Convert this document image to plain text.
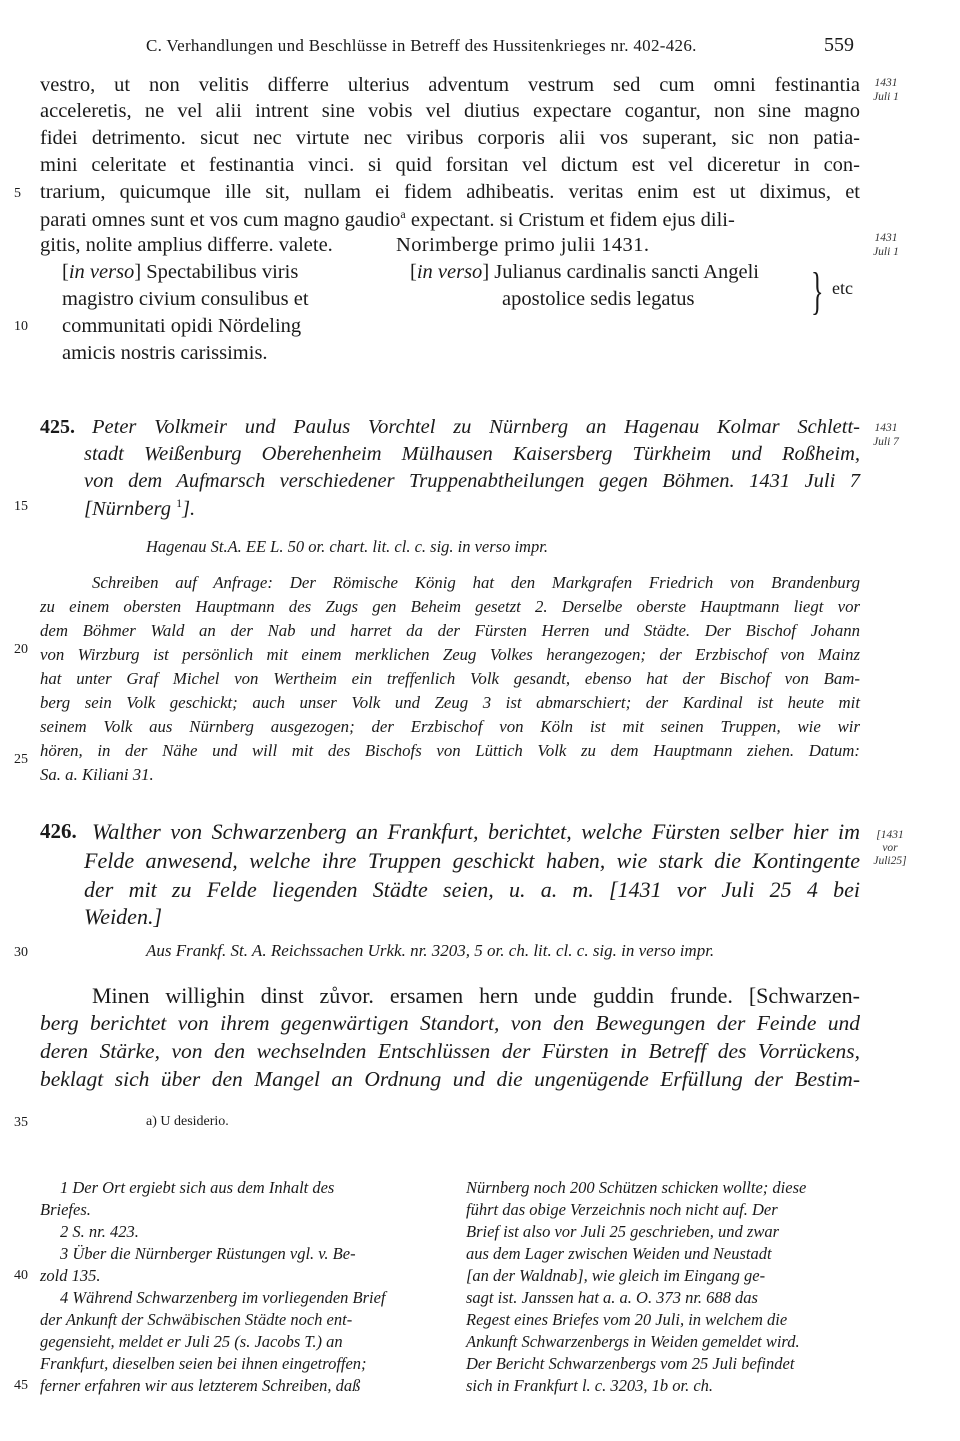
C. Verhandlungen und Beschlüsse in Betreff des Hussitenkrieges nr. 402-426.	559
5
10
15
20
25
30
35
40
45
1431
Juli 1
1431
Juli 1
1431
Juli 7
[1431
vor
Juli25]
vestro, ut non velitis differre ulterius adventum vestrum sed cum omni festinantia
acceleretis, ne vel alii intrent sine vobis vel diutius expectare cogantur, non sine magno
fidei detrimento. sicut nec virtute nec viribus corporis alii vos superant, sic non patia-
mini celeritate et festinantia vinci. si quid forsitan vel dictum est vel diceretur in con-
trarium, quicumque ille sit, nullam ei fidem adhibeatis. veritas enim est ut diximus, et
parati omnes sunt et vos cum magno gaudio$^a$ expectant. si Cristum et fidem ejus dili-
gitis, nolite amplius differre. valete.	Norimberge primo julii 1431.
[in verso] Spectabilibus viris
magistro civium consulibus et
communitati opidi Nördeling
amicis nostris carissimis.
[in verso] Julianus cardinalis sancti Angeli
apostolice sedis legatus } etc
425. Peter Volkmeir und Paulus Vorchtel zu Nürnberg an Hagenau Kolmar Schlett-
stadt Weißenburg Oberehenheim Mülhausen Kaisersberg Türkheim und Roßheim,
von dem Aufmarsch verschiedener Truppenabtheilungen gegen Böhmen. 1431 Juli 7
[Nürnberg $^1$].
Hagenau St.A. EE L. 50 or. chart. lit. cl. c. sig. in verso impr.
Schreiben auf Anfrage: Der Römische König hat den Markgrafen Friedrich von Brandenburg
zu einem obersten Hauptmann des Zugs gen Beheim gesetzt 2. Derselbe oberste Hauptmann liegt vor
dem Böhmer Wald an der Nab und harret da der Fürsten Herren und Städte. Der Bischof Johann
von Wirzburg ist persönlich mit einem merklichen Zeug Volkes herangezogen; der Erzbischof von Mainz
hat unter Graf Michel von Wertheim ein treffenlich Volk gesandt, ebenso hat der Bischof von Bam-
berg sein Volk geschickt; auch unser Volk und Zeug 3 ist abmarschiert; der Kardinal ist heute mit
seinem Volk aus Nürnberg ausgezogen; der Erzbischof von Köln ist mit seinen Truppen, wie wir
hören, in der Nähe und will mit des Bischofs von Lüttich Volk zu dem Hauptmann ziehen. Datum:
Sa. a. Kiliani 31.
426. Walther von Schwarzenberg an Frankfurt, berichtet, welche Fürsten selber hier im
Felde anwesend, welche ihre Truppen geschickt haben, wie stark die Kontingente
der mit zu Felde liegenden Städte seien, u. a. m. [1431 vor Juli 25 4 bei
Weiden.]
Aus Frankf. St. A. Reichssachen Urkk. nr. 3203, 5 or. ch. lit. cl. c. sig. in verso impr.
Minen willighin dinst zůvor. ersamen hern unde guddin frunde. [Schwarzen-
berg berichtet von ihrem gegenwärtigen Standort, von den Bewegungen der Feinde und
deren Stärke, von den wechselnden Entschlüssen der Fürsten in Betreff des Vorrückens,
beklagt sich über den Mangel an Ordnung und die ungenügende Erfüllung der Bestim-
a) U desiderio.
1 Der Ort ergiebt sich aus dem Inhalt des
Briefes.
2 S. nr. 423.
3 Über die Nürnberger Rüstungen vgl. v. Be-
zold 135.
4 Während Schwarzenberg im vorliegenden Brief
der Ankunft der Schwäbischen Städte noch ent-
gegensieht, meldet er Juli 25 (s. Jacobs T.) an
Frankfurt, dieselben seien bei ihnen eingetroffen;
ferner erfahren wir aus letzterem Schreiben, daß
Nürnberg noch 200 Schützen schicken wollte; diese
führt das obige Verzeichnis noch nicht auf. Der
Brief ist also vor Juli 25 geschrieben, und zwar
aus dem Lager zwischen Weiden und Neustadt
[an der Waldnab], wie gleich im Eingang ge-
sagt ist. Janssen hat a. a. O. 373 nr. 688 das
Regest eines Briefes vom 20 Juli, in welchem die
Ankunft Schwarzenbergs in Weiden gemeldet wird.
Der Bericht Schwarzenbergs vom 25 Juli befindet
sich in Frankfurt l. c. 3203, 1b or. ch.
